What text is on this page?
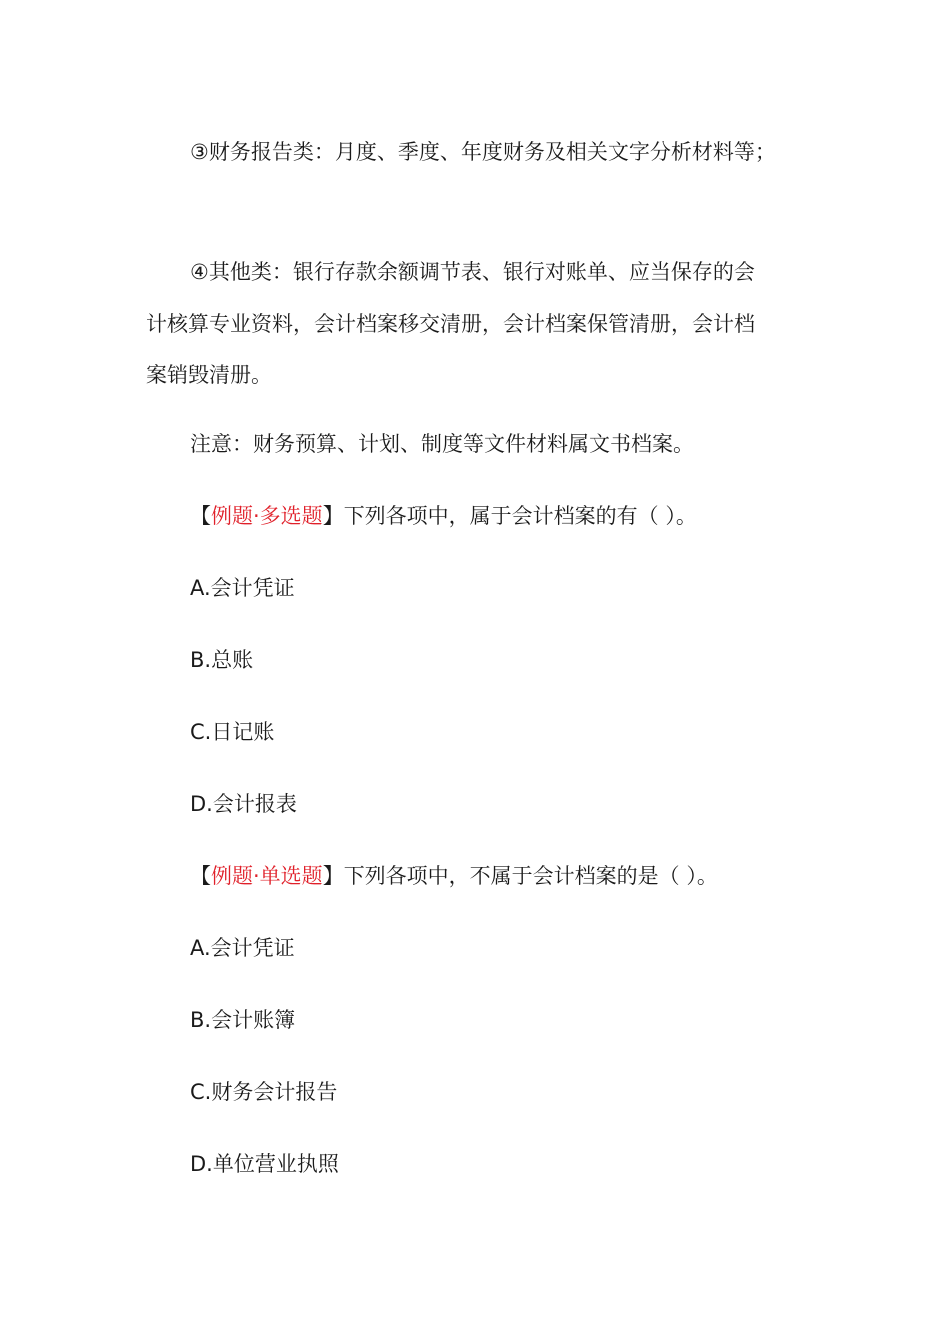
③财务报告类：月度、季度、年度财务及相关文字分析材料等；
④其他类：银行存款余额调节表、银行对账单、应当保存的会
计核算专业资料，会计档案移交清册，会计档案保管清册，会计档
案销毁清册。
注意：财务预算、计划、制度等文件材料属文书档案。
【例题·多选题】下列各项中，属于会计档案的有（ ）。
A.会计凭证
B.总账
C.日记账
D.会计报表
【例题·单选题】下列各项中，不属于会计档案的是（ ）。
A.会计凭证
B.会计账簿
C.财务会计报告
D.单位营业执照
